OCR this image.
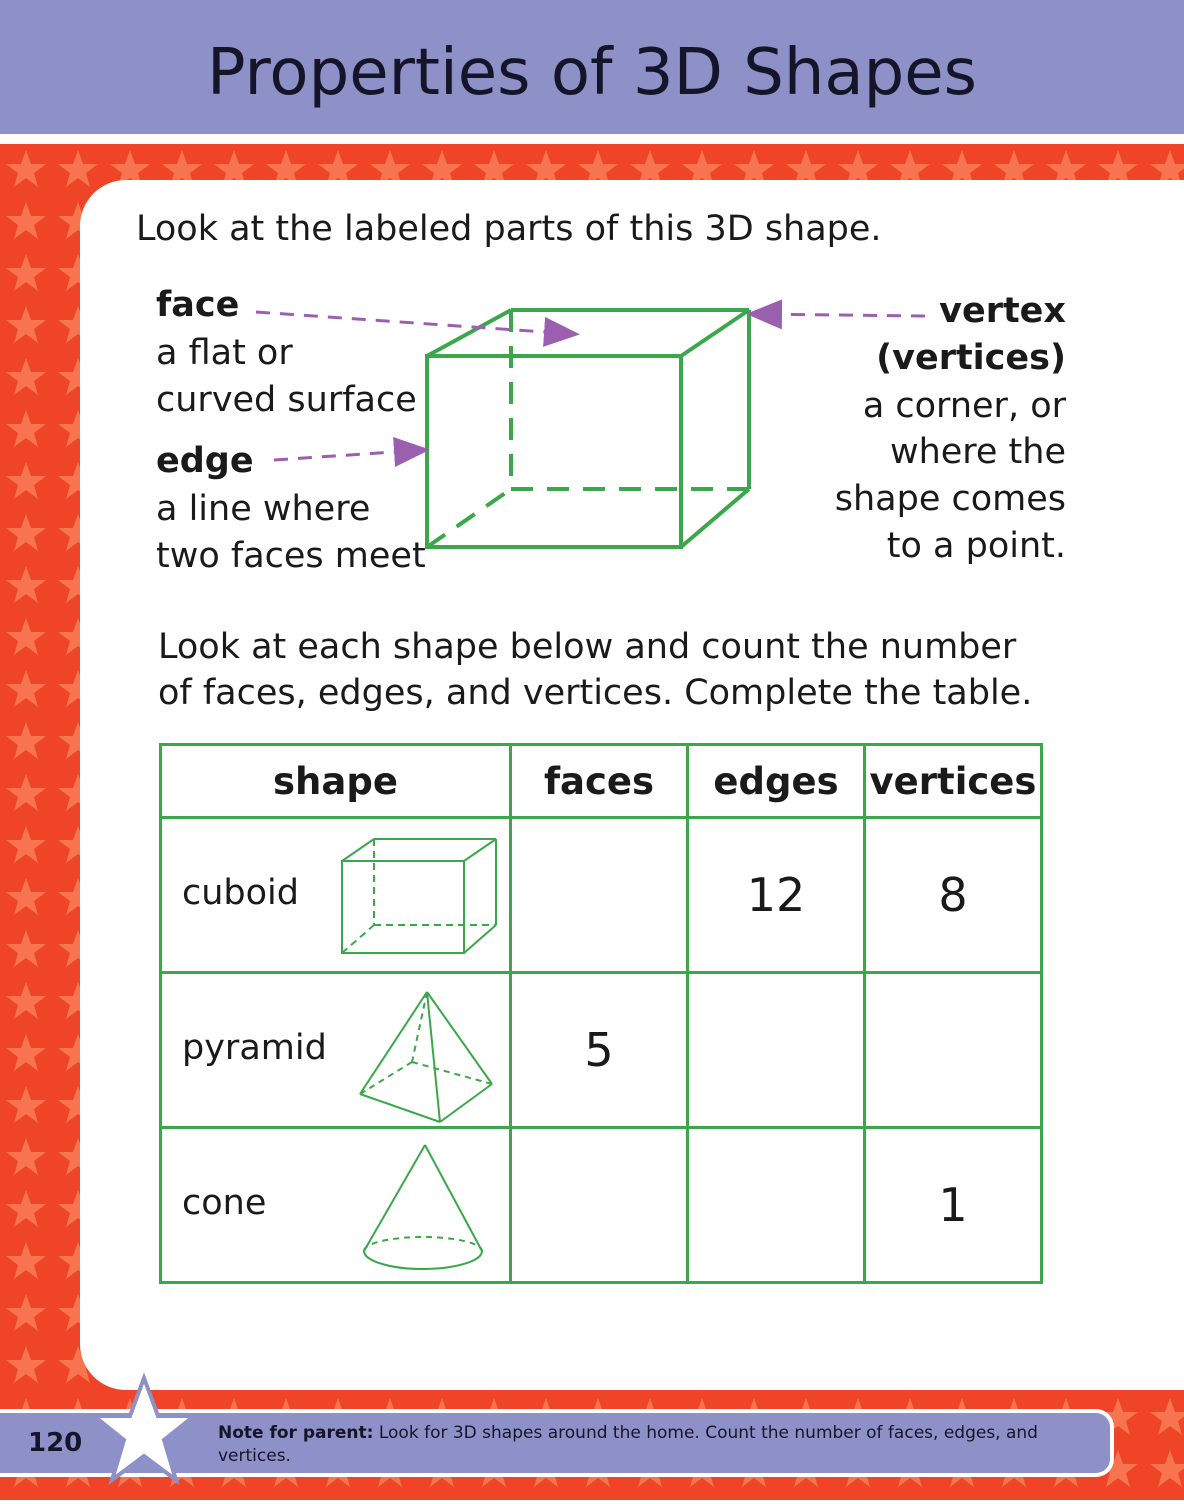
Properties of 3D Shapes
Look at the labeled parts of this 3D shape.
face
a flat or
curved surface
edge
a line where
two faces meet
vertex
(vertices)
a corner, or
where the
shape comes
to a point.
Look at each shape below and count the number
of faces, edges, and vertices. Complete the table.
shape	faces	edges	vertices

cuboid		12	8

pyramid	5		

cone			1
120	Note for parent: Look for 3D shapes around the home. Count the number of faces, edges, and vertices.
